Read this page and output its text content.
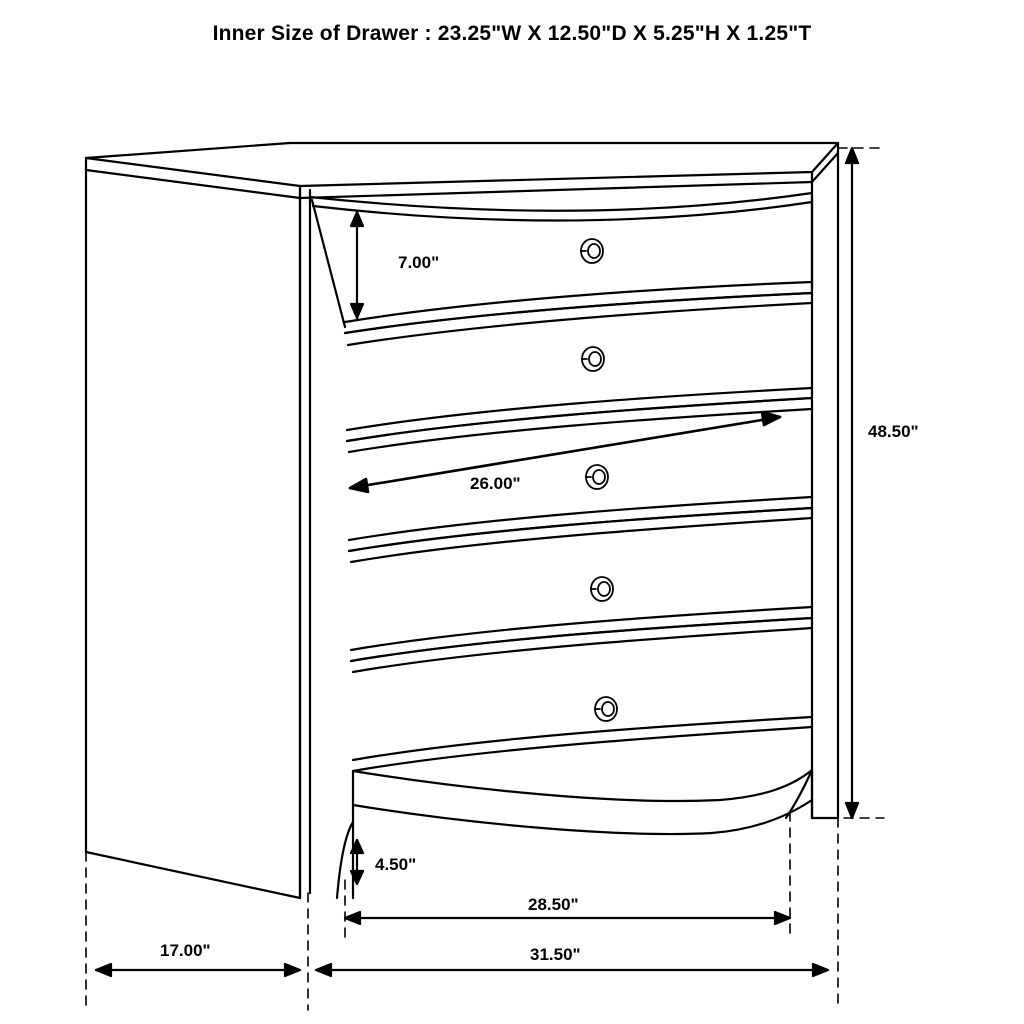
Inner Size of Drawer : 23.25"W X 12.50"D X 5.25"H X 1.25"T
7.00"
48.50"
26.00"
4.50"
28.50"
17.00"	31.50"
